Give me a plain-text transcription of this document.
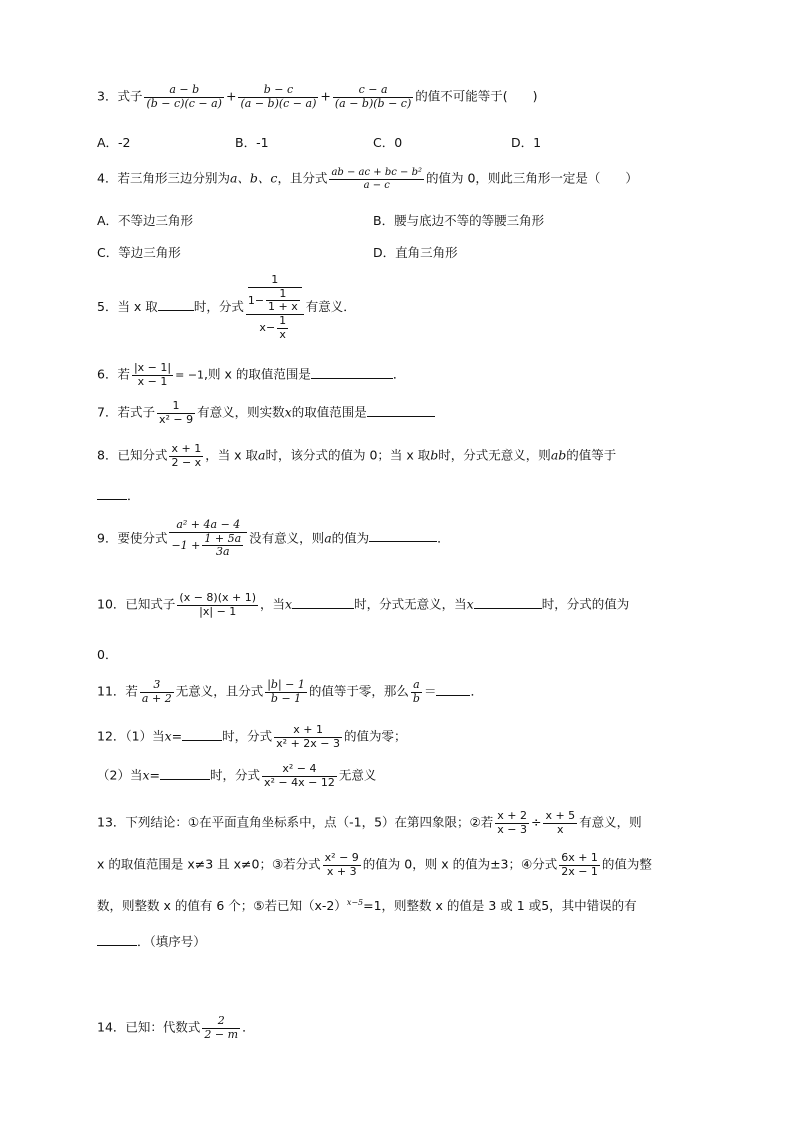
3．式子 $\frac{a - b}{(b - c)(c - a)} + \frac{b - c}{(a - b)(c - a)} + \frac{c - a}{(a - b)(b - c)}$ 的值不可能等于(　　)
A．-2	B．-1	C．0	D．1
4．若三角形三边分别为a、b、c，且分式 $\frac{\text{ab − ac + bc − b²}}{a - c}$ 的值为 0，则此三角形一定是（　　）
A．不等边三角形	B．腰与底边不等的等腰三角形
C．等边三角形	D．直角三角形
5．当 x 取	时，分式 1
$1- \frac{1}{1 + x}$
$x- \frac{1}{x}$ 有意义．
6．若 $\frac{|x - 1|}{x - 1} = -1$,则 x 的取值范围是	．
7．若式子 $\frac{1}{\text{x² − 9}}$ 有意义，则实数x的取值范围是
8．已知分式 $\frac{x + 1}{2 - x}$ ，当 x 取a时，该分式的值为 0；当 x 取b时，分式无意义，则ab的值等于
．
9．要使分式 $\frac{\text{a² + 4a − 4}}{-1 + \frac{1 + 5a}{3a}}$ 没有意义，则a的值为	．
10．已知式子 $\frac{(x - 8)(x + 1)}{|x| - 1}$ ，当x	时，分式无意义，当x	时，分式的值为
0．
11．若 $\frac{3}{a + 2}$ 无意义，且分式 $\frac{|b| - 1}{b - 1}$ 的值等于零，那么 $\frac{a}{b}$ ＝	．
12．（1）当x=	时，分式 $\frac{x + 1}{\text{x² + 2x − 3}}$ 的值为零；
（2）当x=	时，分式 $\frac{\text{x² − 4}}{\text{x² − 4x − 12}}$ 无意义
13．下列结论：①在平面直角坐标系中，点（-1，5）在第四象限；②若 $\frac{x + 2}{x - 3} \div \frac{x + 5}{x}$ 有意义，则
x 的取值范围是 x≠3 且 x≠0；③若分式 $\frac{\text{x² − 9}}{x + 3}$ 的值为 0，则 x 的值为±3；④分式 $\frac{6x + 1}{2x - 1}$ 的值为整
数，则整数 x 的值有 6 个；⑤若已知$(x-2)^{x-5}=1$，则整数 x 的值是 3 或 1 或5，其中错误的有
．（填序号）
14．已知：代数式 $\frac{2}{2 - m}$ ．
